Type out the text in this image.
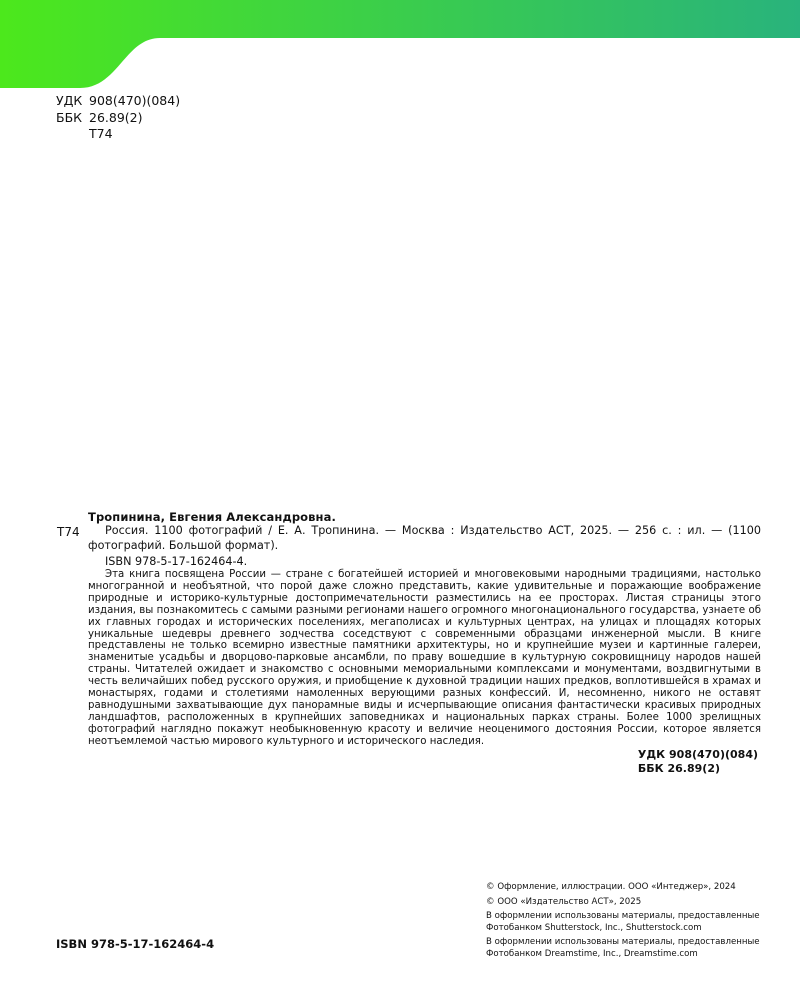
УДК 908(470)(084)
ББК 26.89(2)
Т74
Тропинина, Евгения Александровна.
Т74	Россия. 1100 фотографий / Е. А. Тропинина. — Москва : Издательство АСТ, 2025. — 256 с. : ил. — (1100 фотографий. Большой формат).
ISBN 978-5-17-162464-4.
Эта книга посвящена России — стране с богатейшей историей и многовековыми народными традициями, настолько многогранной и необъятной, что порой даже сложно представить, какие удивительные и поражающие воображение природные и историко-культурные достопримечательности разместились на ее просторах. Листая страницы этого издания, вы познакомитесь с самыми разными регионами нашего огромного многонационального государства, узнаете об их главных городах и исторических поселениях, мегаполисах и культурных центрах, на улицах и площадях которых уникальные шедевры древнего зодчества соседствуют с современными образцами инженерной мысли. В книге представлены не только всемирно известные памятники архитектуры, но и крупнейшие музеи и картинные галереи, знаменитые усадьбы и дворцово-парковые ансамбли, по праву вошедшие в культурную сокровищницу народов нашей страны. Читателей ожидает и знакомство с основными мемориальными комплексами и монументами, воздвигнутыми в честь величайших побед русского оружия, и приобщение к духовной традиции наших предков, воплотившейся в храмах и монастырях, годами и столетиями намоленных верующими разных конфессий. И, несомненно, никого не оставят равнодушными захватывающие дух панорамные виды и исчерпывающие описания фантастически красивых природных ландшафтов, расположенных в крупнейших заповедниках и национальных парках страны. Более 1000 зрелищных фотографий наглядно покажут необыкновенную красоту и величие неоценимого достояния России, которое является неотъемлемой частью мирового культурного и исторического наследия.
УДК 908(470)(084)
ББК 26.89(2)
© Оформление, иллюстрации. ООО «Интеджер», 2024
© ООО «Издательство АСТ», 2025
В оформлении использованы материалы, предоставленные Фотобанком Shutterstock, Inc., Shutterstock.com
В оформлении использованы материалы, предоставленные Фотобанком Dreamstime, Inc., Dreamstime.com
ISBN 978-5-17-162464-4
